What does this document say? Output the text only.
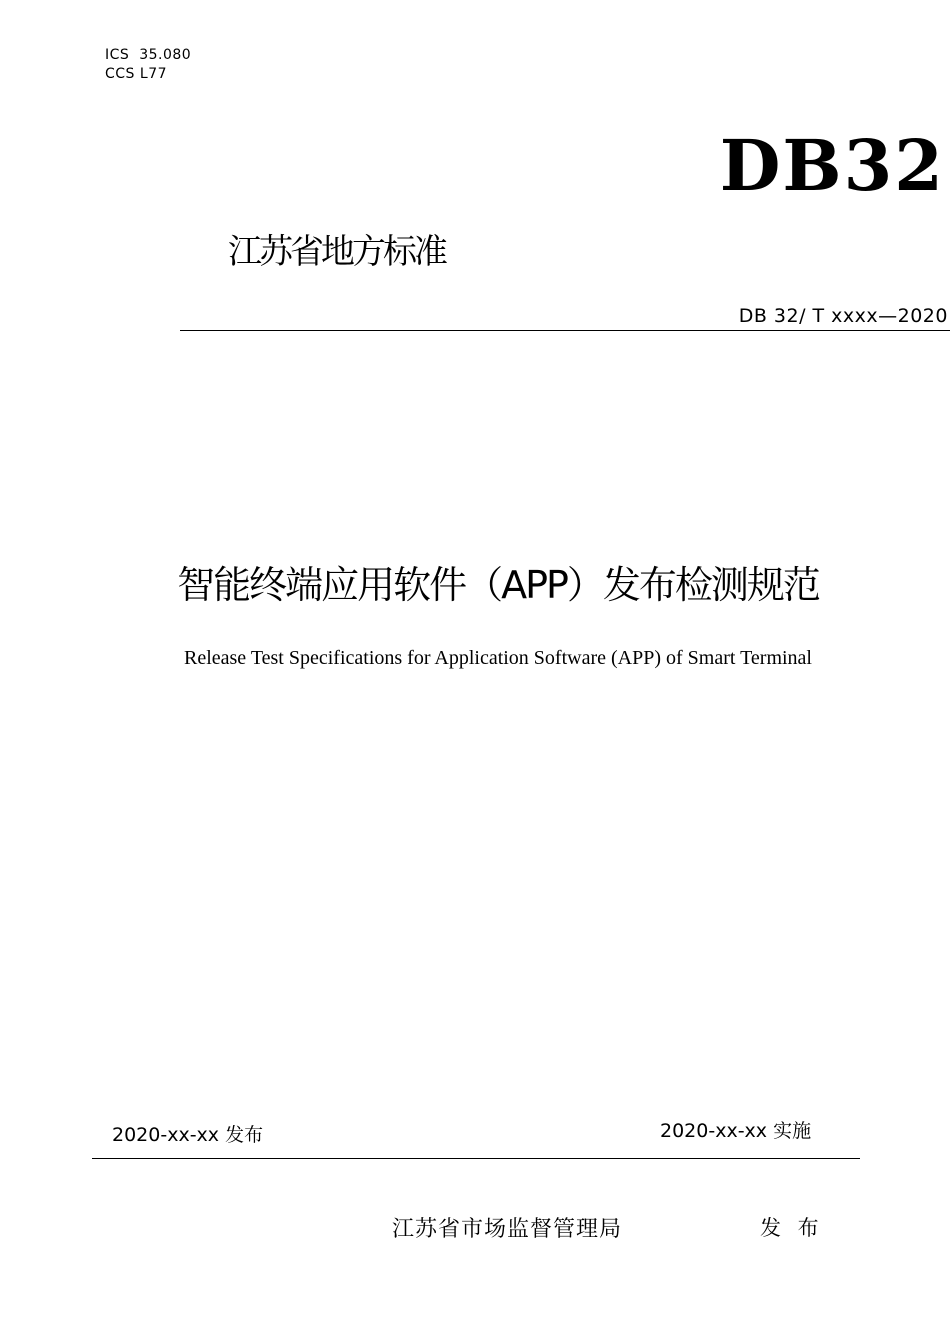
ICS  35.080
CCS L77
DB32
江苏省地方标准
DB 32/ T xxxx—2020
智能终端应用软件（APP）发布检测规范
Release Test Specifications for Application Software (APP) of Smart Terminal
2020-xx-xx 发布	2020-xx-xx 实施
江苏省市场监督管理局	发 布
